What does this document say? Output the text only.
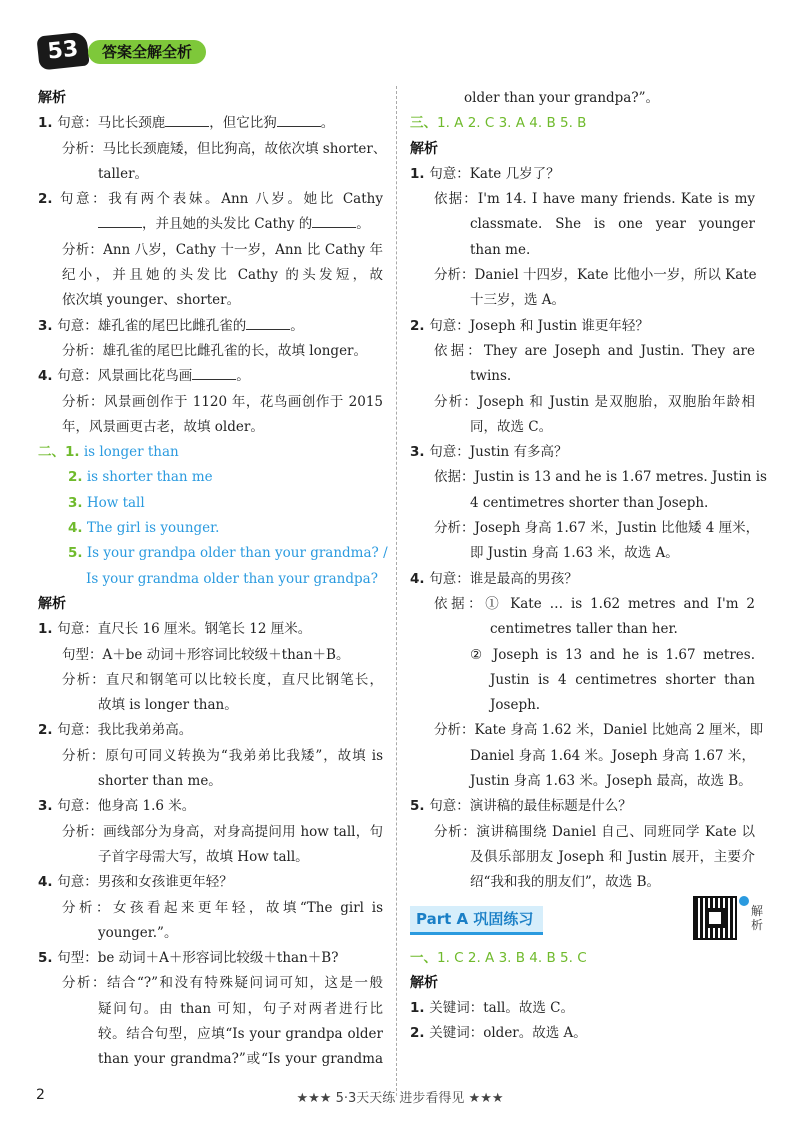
53	答案全解全析
解析
1. 句意：马比长颈鹿	，但它比狗	。
分析：马比长颈鹿矮，但比狗高，故依次填 shorter、
taller。
2. 句意：我有两个表妹。Ann 八岁。她比 Cathy
，并且她的头发比 Cathy 的	。
分析：Ann 八岁，Cathy 十一岁，Ann 比 Cathy 年
纪小，并且她的头发比 Cathy 的头发短，故
依次填 younger、shorter。
3. 句意：雄孔雀的尾巴比雌孔雀的	。
分析：雄孔雀的尾巴比雌孔雀的长，故填 longer。
4. 句意：风景画比花鸟画	。
分析：风景画创作于 1120 年，花鸟画创作于 2015
年，风景画更古老，故填 older。
二、1. is longer than
2. is shorter than me
3. How tall
4. The girl is younger.
5. Is your grandpa older than your grandma? /
Is your grandma older than your grandpa?
解析
1. 句意：直尺长 16 厘米。钢笔长 12 厘米。
句型：A＋be 动词＋形容词比较级＋than＋B。
分析：直尺和钢笔可以比较长度，直尺比钢笔长，
故填 is longer than。
2. 句意：我比我弟弟高。
分析：原句可同义转换为“我弟弟比我矮”，故填 is
shorter than me。
3. 句意：他身高 1.6 米。
分析：画线部分为身高，对身高提问用 how tall，句
子首字母需大写，故填 How tall。
4. 句意：男孩和女孩谁更年轻？
分析：女孩看起来更年轻，故填“The girl is
younger.”。
5. 句型：be 动词＋A＋形容词比较级＋than＋B?
分析：结合“?”和没有特殊疑问词可知，这是一般
疑问句。由 than 可知，句子对两者进行比
较。结合句型，应填“Is your grandpa older
than your grandma?”或“Is your grandma
older than your grandpa?”。
三、1. A 2. C 3. A 4. B 5. B
解析
1. 句意：Kate 几岁了？
依据：I'm 14. I have many friends. Kate is my
classmate. She is one year younger
than me.
分析：Daniel 十四岁，Kate 比他小一岁，所以 Kate
十三岁，选 A。
2. 句意：Joseph 和 Justin 谁更年轻？
依据：They are Joseph and Justin. They are
twins.
分析：Joseph 和 Justin 是双胞胎，双胞胎年龄相
同，故选 C。
3. 句意：Justin 有多高？
依据：Justin is 13 and he is 1.67 metres. Justin is
4 centimetres shorter than Joseph.
分析：Joseph 身高 1.67 米，Justin 比他矮 4 厘米，
即 Justin 身高 1.63 米，故选 A。
4. 句意：谁是最高的男孩？
依据：① Kate … is 1.62 metres and I'm 2
centimetres taller than her.
② Joseph is 13 and he is 1.67 metres.
Justin is 4 centimetres shorter than
Joseph.
分析：Kate 身高 1.62 米，Daniel 比她高 2 厘米，即
Daniel 身高 1.64 米。Joseph 身高 1.67 米，
Justin 身高 1.63 米。Joseph 最高，故选 B。
5. 句意：演讲稿的最佳标题是什么？
分析：演讲稿围绕 Daniel 自己、同班同学 Kate 以
及俱乐部朋友 Joseph 和 Justin 展开，主要介
绍“我和我的朋友们”，故选 B。
Part A 巩固练习	解析
一、1. C 2. A 3. B 4. B 5. C
解析
1. 关键词：tall。故选 C。
2. 关键词：older。故选 A。
2	★★★ 5·3天天练 进步看得见 ★★★
